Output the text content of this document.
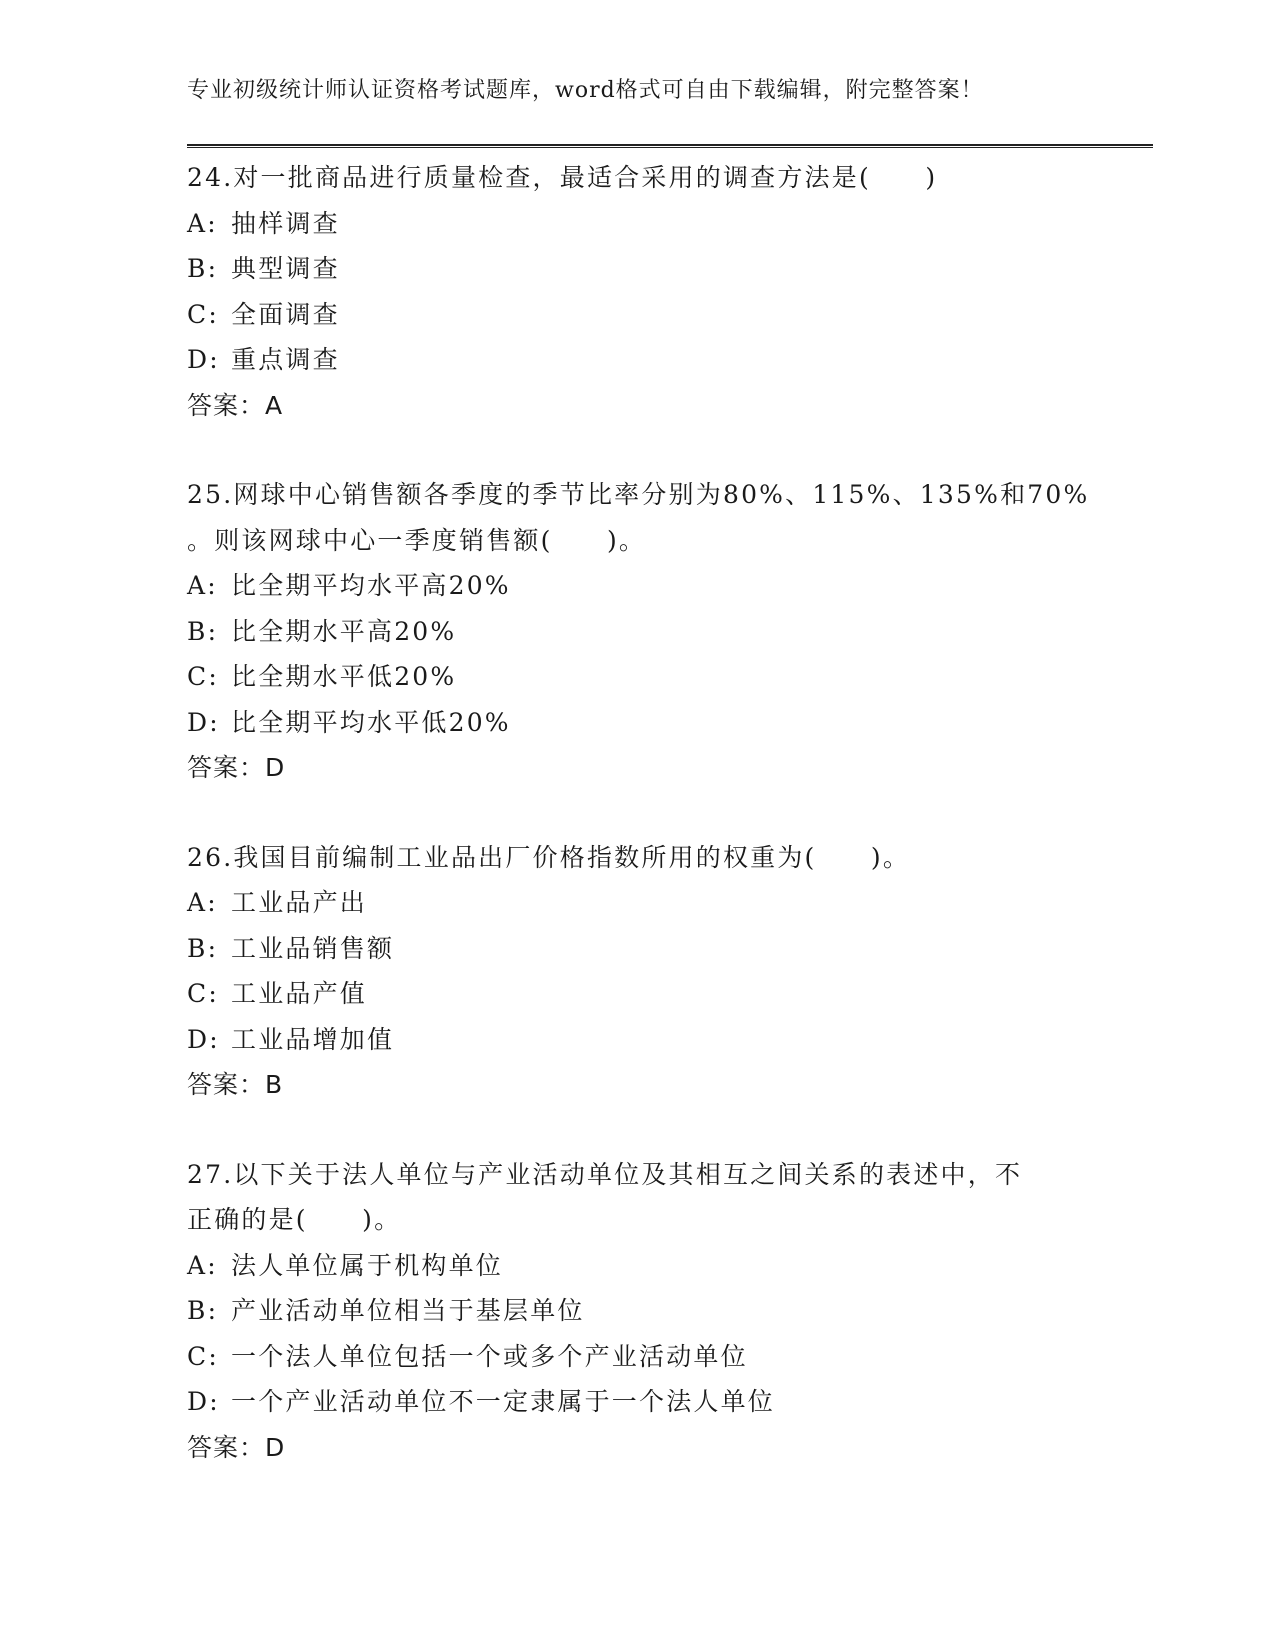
专业初级统计师认证资格考试题库，word格式可自由下载编辑，附完整答案！
24.对一批商品进行质量检查，最适合采用的调查方法是(　　)
A: 抽样调查
B: 典型调查
C: 全面调查
D: 重点调查
答案：A
25.网球中心销售额各季度的季节比率分别为80%、115%、135%和70%
。则该网球中心一季度销售额(　　)。
A: 比全期平均水平高20%
B: 比全期水平高20%
C: 比全期水平低20%
D: 比全期平均水平低20%
答案：D
26.我国目前编制工业品出厂价格指数所用的权重为(　　)。
A: 工业品产出
B: 工业品销售额
C: 工业品产值
D: 工业品增加值
答案：B
27.以下关于法人单位与产业活动单位及其相互之间关系的表述中，不
正确的是(　　)。
A: 法人单位属于机构单位
B: 产业活动单位相当于基层单位
C: 一个法人单位包括一个或多个产业活动单位
D: 一个产业活动单位不一定隶属于一个法人单位
答案：D
